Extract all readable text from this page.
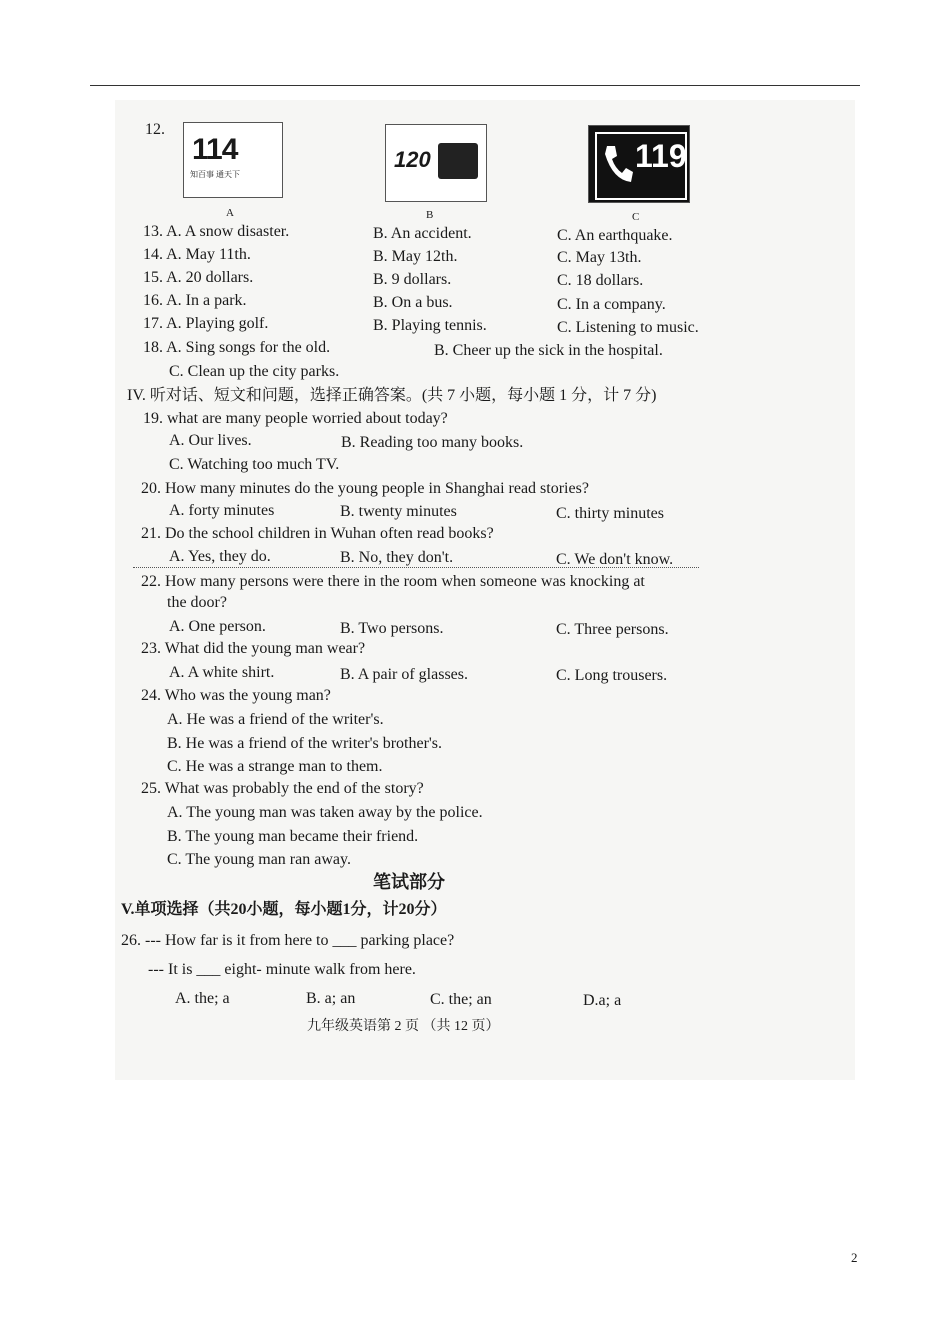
12.
114
知百事 通天下
A
120
B
119
C
13. A. A snow disaster.	B. An accident.	C. An earthquake.
14. A. May 11th.	B. May 12th.	C. May 13th.
15. A. 20 dollars.	B. 9 dollars.	C. 18 dollars.
16. A. In a park.	B. On a bus.	C. In a company.
17. A. Playing golf.	B. Playing tennis.	C. Listening to music.
18. A. Sing songs for the old.	B. Cheer up the sick in the hospital.
C. Clean up the city parks.
IV. 听对话、短文和问题，选择正确答案。(共 7 小题，每小题 1 分，计 7 分)
19. what are many people worried about today?
A. Our lives.	B. Reading too many books.
C. Watching too much TV.
20. How many minutes do the young people in Shanghai read stories?
A. forty minutes	B. twenty minutes	C. thirty minutes
21. Do the school children in Wuhan often read books?
A. Yes, they do.	B. No, they don't.	C. We don't know.
22. How many persons were there in the room when someone was knocking at
the door?
A. One person.	B. Two persons.	C. Three persons.
23. What did the young man wear?
A. A white shirt.	B. A pair of glasses.	C. Long trousers.
24. Who was the young man?
A. He was a friend of the writer's.
B. He was a friend of the writer's brother's.
C. He was a strange man to them.
25. What was probably the end of the story?
A. The young man was taken away by the police.
B. The young man became their friend.
C. The young man ran away.
笔试部分
V.单项选择（共20小题，每小题1分，计20分）
26. --- How far is it from here to ___ parking place?
--- It is ___ eight- minute walk from here.
A. the; a	B. a; an	C. the; an	D.a; a
九年级英语第 2 页 （共 12 页）
2
